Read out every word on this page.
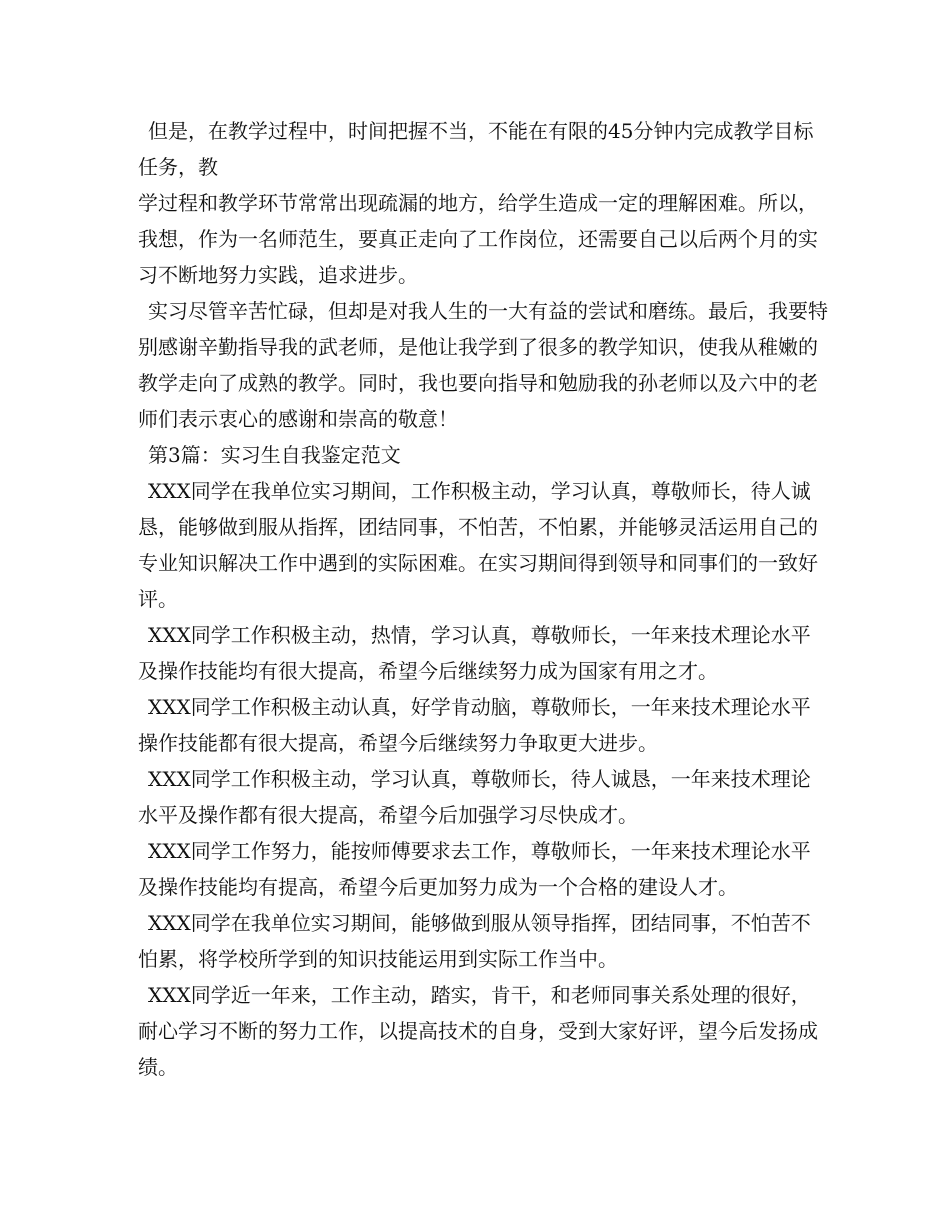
但是，在教学过程中，时间把握不当，不能在有限的45分钟内完成教学目标任务，教

学过程和教学环节常常出现疏漏的地方，给学生造成一定的理解困难。所以，我想，作为一名师范生，要真正走向了工作岗位，还需要自己以后两个月的实习不断地努力实践，追求进步。

实习尽管辛苦忙碌，但却是对我人生的一大有益的尝试和磨练。最后，我要特别感谢辛勤指导我的武老师，是他让我学到了很多的教学知识，使我从稚嫩的教学走向了成熟的教学。同时，我也要向指导和勉励我的孙老师以及六中的老师们表示衷心的感谢和崇高的敬意！

第3篇：实习生自我鉴定范文

XXX同学在我单位实习期间，工作积极主动，学习认真，尊敬师长，待人诚恳，能够做到服从指挥，团结同事，不怕苦，不怕累，并能够灵活运用自己的专业知识解决工作中遇到的实际困难。在实习期间得到领导和同事们的一致好评。

XXX同学工作积极主动，热情，学习认真，尊敬师长，一年来技术理论水平及操作技能均有很大提高，希望今后继续努力成为国家有用之才。

XXX同学工作积极主动认真，好学肯动脑，尊敬师长，一年来技术理论水平操作技能都有很大提高，希望今后继续努力争取更大进步。

XXX同学工作积极主动，学习认真，尊敬师长，待人诚恳，一年来技术理论水平及操作都有很大提高，希望今后加强学习尽快成才。

XXX同学工作努力，能按师傅要求去工作，尊敬师长，一年来技术理论水平及操作技能均有提高，希望今后更加努力成为一个合格的建设人才。

XXX同学在我单位实习期间，能够做到服从领导指挥，团结同事，不怕苦不怕累，将学校所学到的知识技能运用到实际工作当中。

XXX同学近一年来，工作主动，踏实，肯干，和老师同事关系处理的很好，耐心学习不断的努力工作，以提高技术的自身，受到大家好评，望今后发扬成绩。
